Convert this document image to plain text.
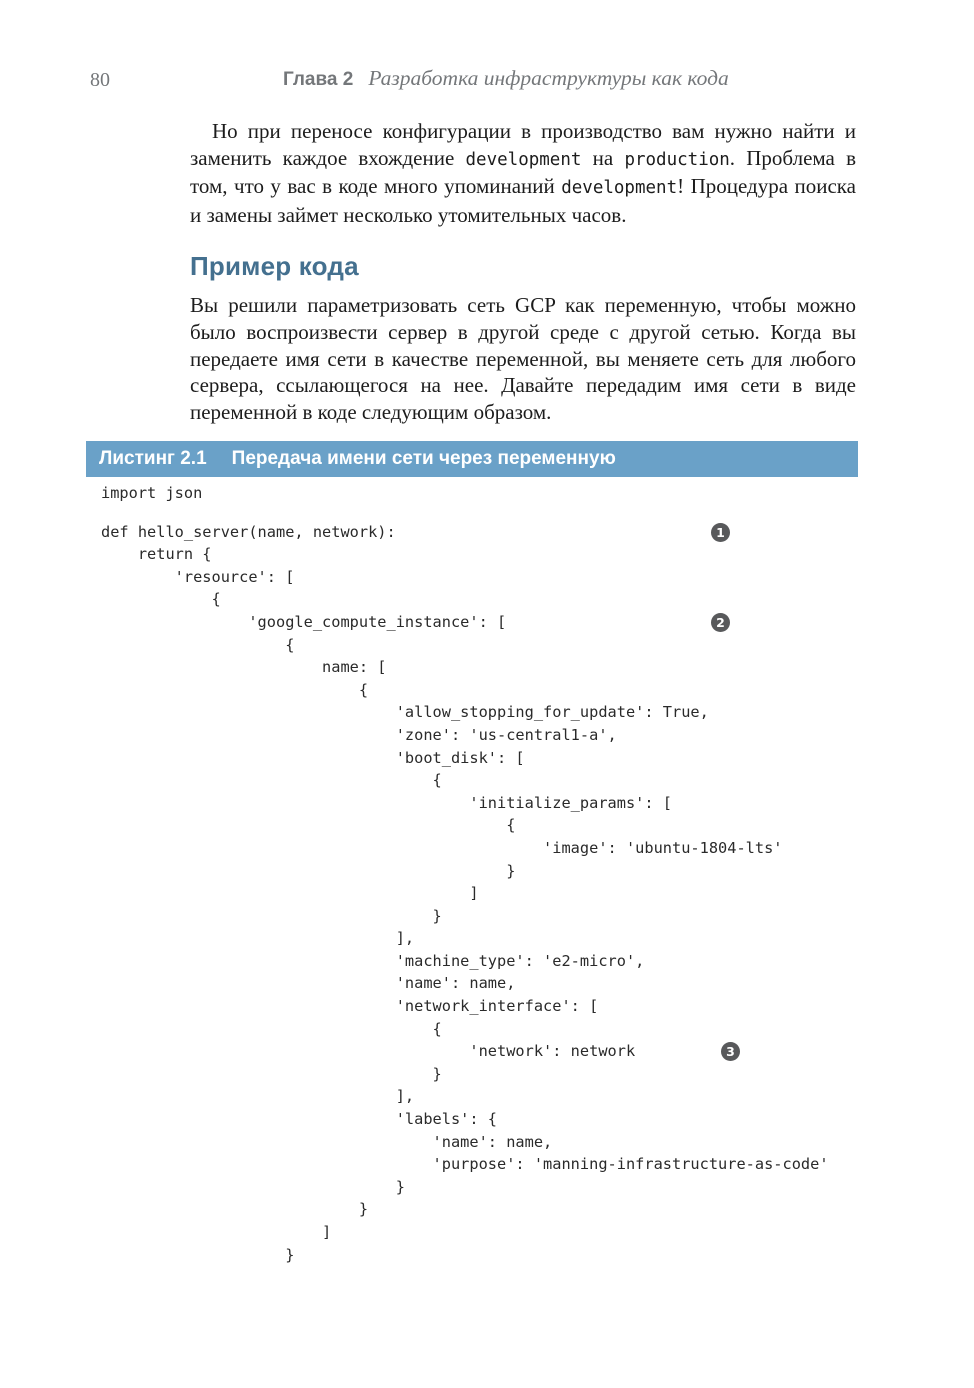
80	Глава 2 Разработка инфраструктуры как кода

Но при переносе конфигурации в производство вам нужно найти и заменить каждое вхождение development на production. Проблема в том, что у вас в коде много упоминаний development! Процедура поиска и замены займет несколько утомительных часов.

Пример кода

Вы решили параметризовать сеть GCP как переменную, чтобы можно было воспроизвести сервер в другой среде с другой сетью. Когда вы передаете имя сети в качестве переменной, вы меняете сеть для любого сервера, ссылающегося на нее. Давайте передадим имя сети в виде переменной в коде следующим образом.

Листинг 2.1 Передача имени сети через переменную
import json

def hello_server(name, network):	1
return {
'resource': [
{
'google_compute_instance': [	2
{
name: [
{
'allow_stopping_for_update': True,
'zone': 'us-central1-a',
'boot_disk': [
{
'initialize_params': [
{
'image': 'ubuntu-1804-lts'
}
]
}
],
'machine_type': 'e2-micro',
'name': name,
'network_interface': [
{
'network': network	3
}
],
'labels': {
'name': name,
'purpose': 'manning-infrastructure-as-code'
}
}
]
}
